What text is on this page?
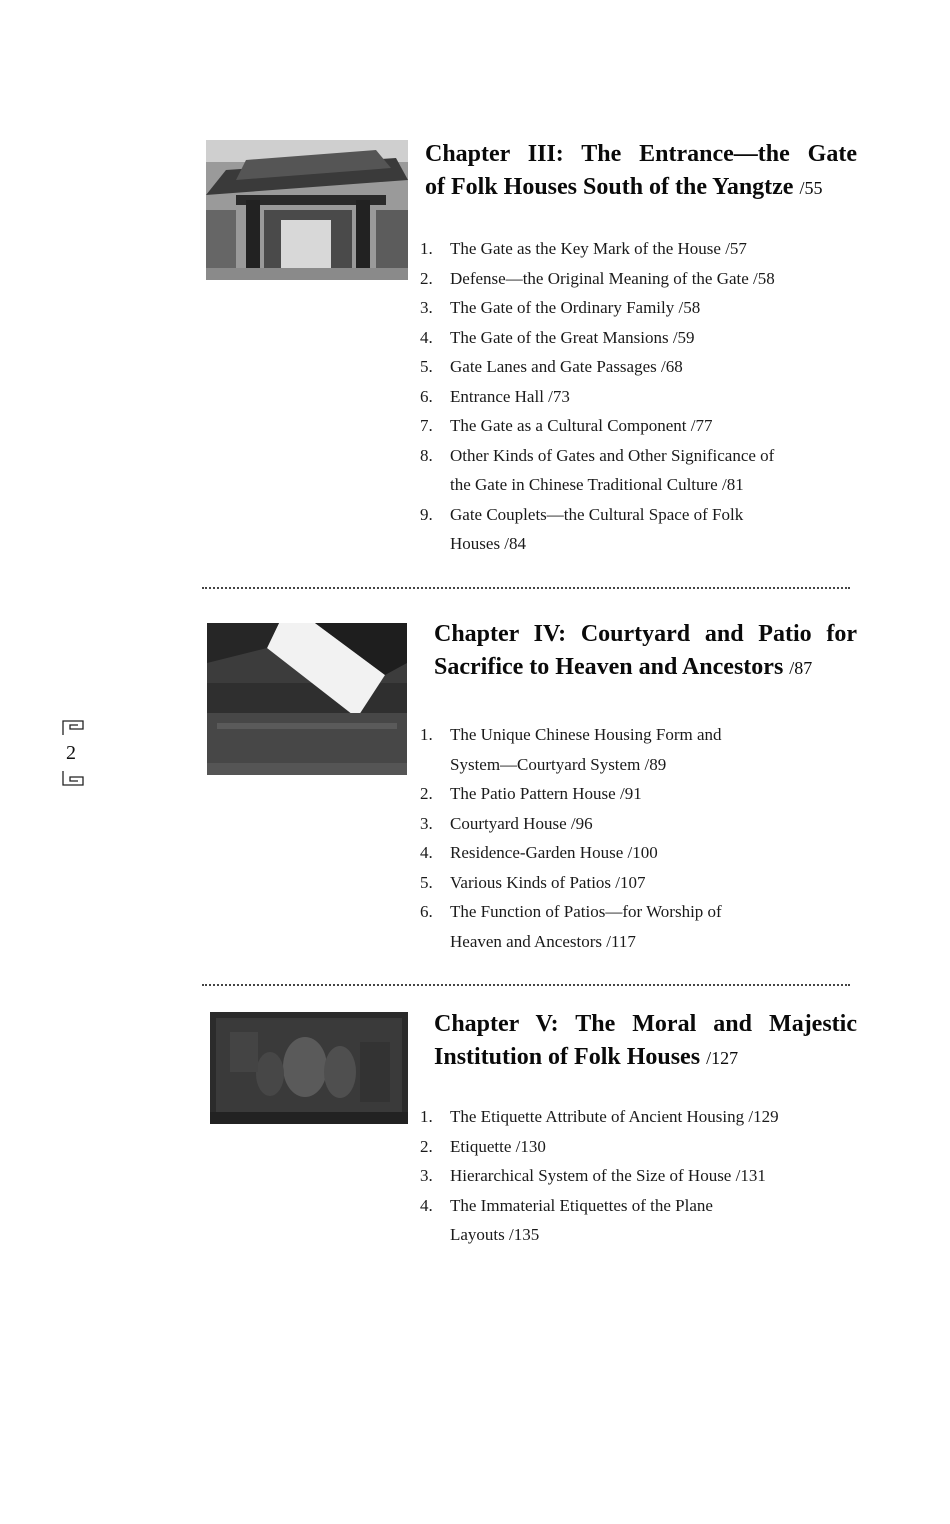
Chapter III: The Entrance—the Gate
of Folk Houses South of the Yangtze /55
1. The Gate as the Key Mark of the House /57
2. Defense—the Original Meaning of the Gate /58
3. The Gate of the Ordinary Family /58
4. The Gate of the Great Mansions /59
5. Gate Lanes and Gate Passages /68
6. Entrance Hall /73
7. The Gate as a Cultural Component /77
8. Other Kinds of Gates and Other Significance of
the Gate in Chinese Traditional Culture /81
9. Gate Couplets—the Cultural Space of Folk
Houses /84
Chapter IV: Courtyard and Patio for
Sacrifice to Heaven and Ancestors /87
1. The Unique Chinese Housing Form and
System—Courtyard System /89
2. The Patio Pattern House /91
3. Courtyard House /96
4. Residence-Garden House /100
5. Various Kinds of Patios /107
6. The Function of Patios—for Worship of
Heaven and Ancestors /117
Chapter V: The Moral and Majestic
Institution of Folk Houses /127
1. The Etiquette Attribute of Ancient Housing /129
2. Etiquette /130
3. Hierarchical System of the Size of House /131
4. The Immaterial Etiquettes of the Plane
Layouts /135
2
